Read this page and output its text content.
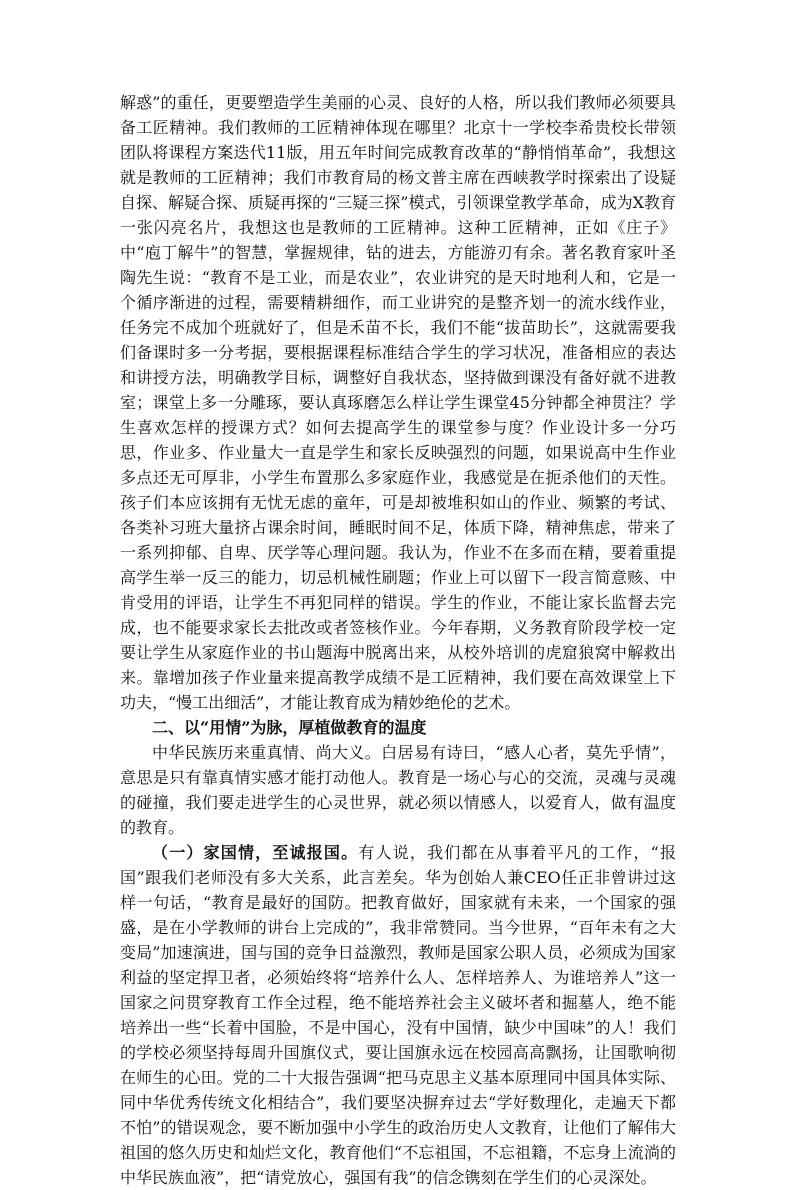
解惑”的重任，更要塑造学生美丽的心灵、良好的人格，所以我们教师必须要具备工匠精神。我们教师的工匠精神体现在哪里？北京十一学校李希贵校长带领团队将课程方案迭代11版，用五年时间完成教育改革的“静悄悄革命”，我想这就是教师的工匠精神；我们市教育局的杨文普主席在西峡教学时探索出了设疑自探、解疑合探、质疑再探的“三疑三探”模式，引领课堂教学革命，成为X教育一张闪亮名片，我想这也是教师的工匠精神。这种工匠精神，正如《庄子》中“庖丁解牛”的智慧，掌握规律，钻的进去，方能游刃有余。著名教育家叶圣陶先生说：“教育不是工业，而是农业”，农业讲究的是天时地利人和，它是一个循序渐进的过程，需要精耕细作，而工业讲究的是整齐划一的流水线作业，任务完不成加个班就好了，但是禾苗不长，我们不能“拔苗助长”，这就需要我们备课时多一分考据，要根据课程标准结合学生的学习状况，准备相应的表达和讲授方法，明确教学目标，调整好自我状态，坚持做到课没有备好就不进教室；课堂上多一分雕琢，要认真琢磨怎么样让学生课堂45分钟都全神贯注？学生喜欢怎样的授课方式？如何去提高学生的课堂参与度？作业设计多一分巧思，作业多、作业量大一直是学生和家长反映强烈的问题，如果说高中生作业多点还无可厚非，小学生布置那么多家庭作业，我感觉是在扼杀他们的天性。孩子们本应该拥有无忧无虑的童年，可是却被堆积如山的作业、频繁的考试、各类补习班大量挤占课余时间，睡眠时间不足，体质下降，精神焦虑，带来了一系列抑郁、自卑、厌学等心理问题。我认为，作业不在多而在精，要着重提高学生举一反三的能力，切忌机械性刷题；作业上可以留下一段言简意赅、中肯受用的评语，让学生不再犯同样的错误。学生的作业，不能让家长监督去完成，也不能要求家长去批改或者签核作业。今年春期，义务教育阶段学校一定要让学生从家庭作业的书山题海中脱离出来，从校外培训的虎窟狼窝中解救出来。靠增加孩子作业量来提高教学成绩不是工匠精神，我们要在高效课堂上下功夫，“慢工出细活”，才能让教育成为精妙绝伦的艺术。

二、以“用情”为脉，厚植做教育的温度

中华民族历来重真情、尚大义。白居易有诗曰，“感人心者，莫先乎情”，意思是只有靠真情实感才能打动他人。教育是一场心与心的交流，灵魂与灵魂的碰撞，我们要走进学生的心灵世界，就必须以情感人，以爱育人，做有温度的教育。

（一）家国情，至诚报国。有人说，我们都在从事着平凡的工作，“报国”跟我们老师没有多大关系，此言差矣。华为创始人兼CEO任正非曾讲过这样一句话，“教育是最好的国防。把教育做好，国家就有未来，一个国家的强盛，是在小学教师的讲台上完成的”，我非常赞同。当今世界，“百年未有之大变局”加速演进，国与国的竞争日益激烈，教师是国家公职人员，必须成为国家利益的坚定捍卫者，必须始终将“培养什么人、怎样培养人、为谁培养人”这一国家之问贯穿教育工作全过程，绝不能培养社会主义破坏者和掘墓人，绝不能培养出一些“长着中国脸，不是中国心，没有中国情，缺少中国味”的人！我们的学校必须坚持每周升国旗仪式，要让国旗永远在校园高高飘扬，让国歌响彻在师生的心田。党的二十大报告强调“把马克思主义基本原理同中国具体实际、同中华优秀传统文化相结合”，我们要坚决摒弃过去“学好数理化，走遍天下都不怕”的错误观念，要不断加强中小学生的政治历史人文教育，让他们了解伟大祖国的悠久历史和灿烂文化，教育他们“不忘祖国，不忘祖籍，不忘身上流淌的中华民族血液”，把“请党放心，强国有我”的信念镌刻在学生们的心灵深处。
